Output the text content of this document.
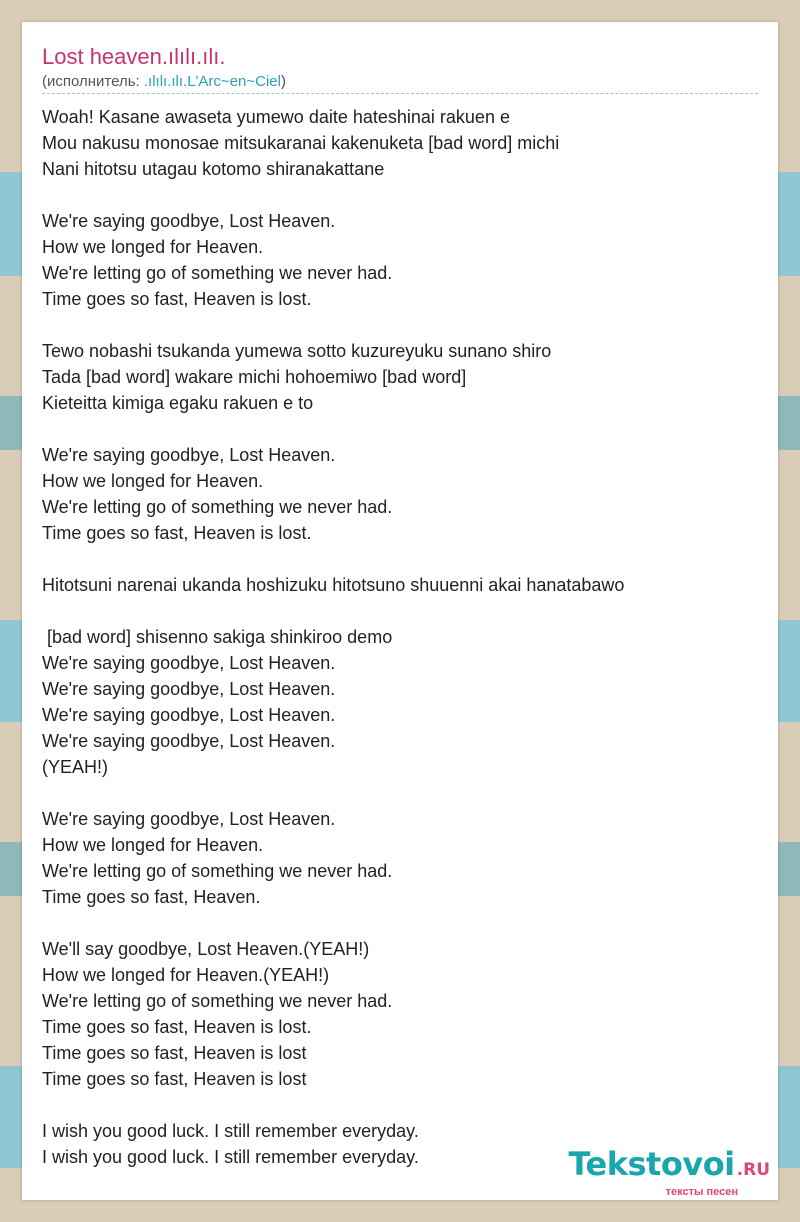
Lost heaven.ılılı.ılı.
(исполнитель: .ılılı.ılı.L'Arc~en~Ciel)
Woah! Kasane awaseta yumewo daite hateshinai rakuen e
Mou nakusu monosae mitsukaranai kakenuketa [bad word] michi
Nani hitotsu utagau kotomo shiranakattane
We're saying goodbye, Lost Heaven.
How we longed for Heaven.
We're letting go of something we never had.
Time goes so fast, Heaven is lost.
Tewo nobashi tsukanda yumewa sotto kuzureyuku sunano shiro
Tada [bad word] wakare michi hohoemiwo [bad word]
Kieteitta kimiga egaku rakuen e to
We're saying goodbye, Lost Heaven.
How we longed for Heaven.
We're letting go of something we never had.
Time goes so fast, Heaven is lost.
Hitotsuni narenai ukanda hoshizuku hitotsuno shuuenni akai hanatabawo
[bad word] shisenno sakiga shinkiroo demo
We're saying goodbye, Lost Heaven.
We're saying goodbye, Lost Heaven.
We're saying goodbye, Lost Heaven.
We're saying goodbye, Lost Heaven.
(YEAH!)
We're saying goodbye, Lost Heaven.
How we longed for Heaven.
We're letting go of something we never had.
Time goes so fast, Heaven.
We'll say goodbye, Lost Heaven.(YEAH!)
How we longed for Heaven.(YEAH!)
We're letting go of something we never had.
Time goes so fast, Heaven is lost.
Time goes so fast, Heaven is lost
Time goes so fast, Heaven is lost
I wish you good luck. I still remember everyday.
I wish you good luck. I still remember everyday.	Tekstovoi .RU
тексты песен
